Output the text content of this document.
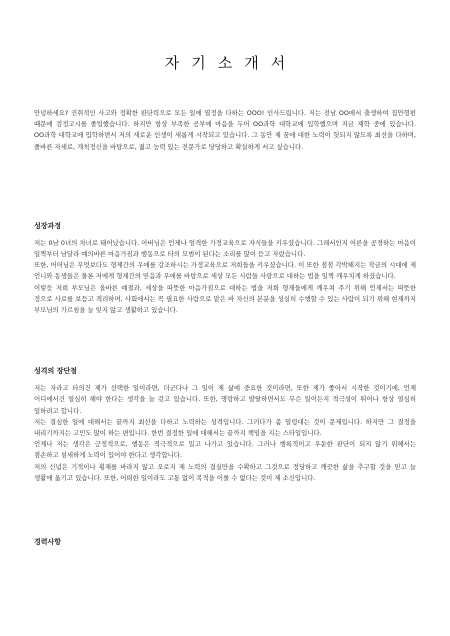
자기소개서

안녕하세요? 진취적인 사고와 정확한 판단력으로 모든 일에 열정을 다하는 OOO! 인사드립니다. 저는 전남 OO에서 출생하여 집안형편 때문에 검정고시를 졸업했습니다. 하지만 항상 부족한 공부에 마음을 두어 OO과학 대학교에 입학했으며 지금 재학 중에 있습니다. OO과학 대학교에 입학하면서 저의 새로운 인생이 새롭게 시작되고 있습니다. 그 동안 제 꿈에 대한 노력이 헛되지 않도록 최선을 다하며, 졸바른 자세로, 개척정신을 바탕으로, 젊고 능력 있는 전문가로 당당하고 확실하게 서고 싶습니다.

성장과정

저는 0남 0녀의 차녀로 태어났습니다. 아버님은 언제나 엄격한 가정교육으로 자식들을 키우셨습니다. 그래서인지 어른을 공경하는 마음이 일찍부터 남달라 예의바른 마음가짐과 행동으로 타의 모범이 된다는 소리를 많이 듣고 자랐습니다.

또한, 어머님은 무엇보다도 형제간의 우애를 강조하시는 가정교육으로 저희들을 키우셨습니다. 이 또한 점점 각박해지는 작금의 시대에 제 언니와 동생들은 물론 저에게 형제간의 믿음과 우애를 바탕으로 세상 모든 사람들 사랑으로 대하는 법을 일찍 깨우치게 하셨습니다.

이렇듯 저희 부모님은 올바른 예절과, 세상을 따뜻한 마음가짐으로 대하는 법을 저희 형제들에게 깨우쳐 주기 위해 언제서는 따뜻한 정으로 사로를 보듬고 격려하며, 사회에서는 꼭 필요한 사람으로 맡은 바 자신의 본분을 성실히 수행할 수 있는 사람이 되기 위해 현재까지 부모님의 가르침을 늘 잊지 않고 생활하고 있습니다.

성격의 장단점

저는 자라고 타의건 제가 선택한 일이라면, 더군다나 그 일이 제 삶에 중요한 것이라면, 또한 제가 좋아서 시작한 것이기에, 언제 어디에서건 열심히 해야 한다는 생각을 늘 갖고 있습니다. 또한, 명랑하고 발랄하면서도 무슨 일이든지 적극성이 뛰어나 항상 열심히 일하려고 합니다.

저는 결심한 일에 대해서는 끝까지 최선을 다하고 노력하는 성격입니다. 그러다가 좀 덜렁대는 것이 문제입니다. 하지만 그 결정을 내리기까지는 고민도 많이 하는 편입니다. 한번 결정한 일에 대해서는 끝까지 책임을 지는 스타일입니다.

언제나 저는 생각은 긍정적으로, 행동은 적극적으로 밀고 나가고 있습니다. 그러나 행록적이고 우둔한 판단이 되지 않기 위해서는 겸손하고 섬세하게 노력이 있어야 한다고 생각합니다.

저의 신념은 기적이나 횡재를 바라지 않고 오로지 제 노력의 결실만을 수확하고 그것으로 정당하고 깨끗한 삶을 추구할 것을 믿고 늘 생활에 옮기고 있습니다. 또한, 어떠한 일이라도 고통 없이 목적을 이룰 수 없다는 것이 제 소신입니다.

경력사항
